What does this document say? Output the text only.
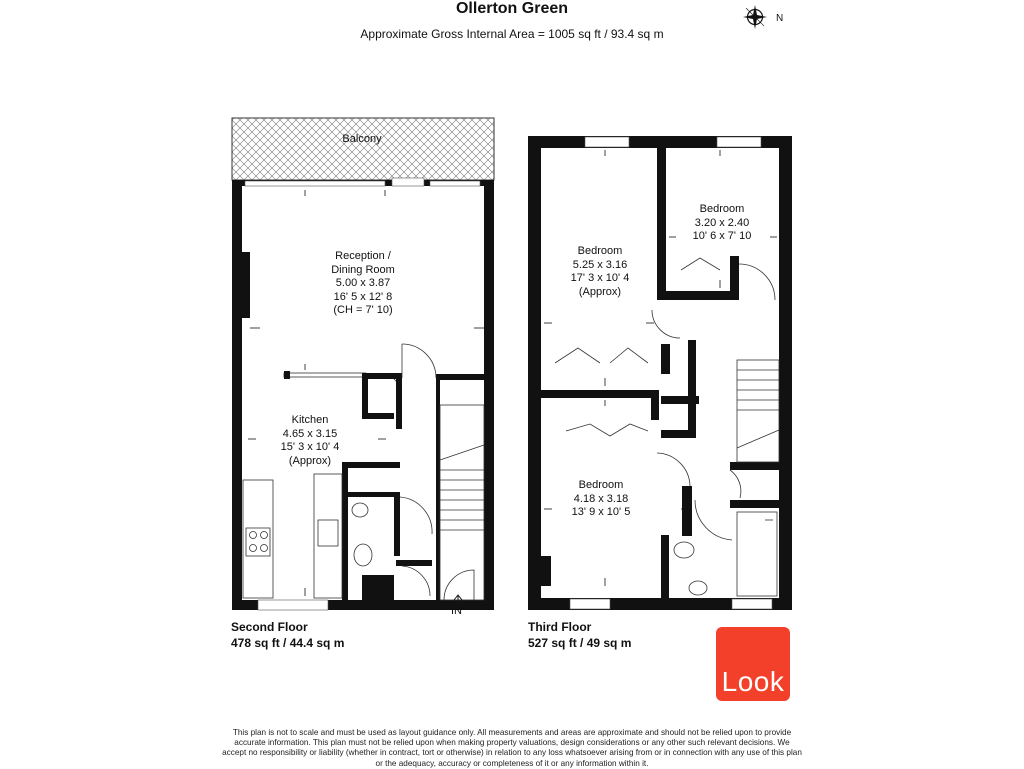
Ollerton Green
Approximate Gross Internal Area = 1005 sq ft / 93.4 sq m
N
Balcony
Reception /
Dining Room
5.00 x 3.87
16' 5 x 12' 8
(CH = 7' 10)
Kitchen
4.65 x 3.15
15' 3 x 10' 4
(Approx)
IN
Bedroom
5.25 x 3.16
17' 3 x 10' 4
(Approx)
Bedroom
3.20 x 2.40
10' 6 x 7' 10
Bedroom
4.18 x 3.18
13' 9 x 10' 5
Second Floor
478 sq ft / 44.4 sq m
Third Floor
527 sq ft / 49 sq m
Look
This plan is not to scale and must be used as layout guidance only. All measurements and areas are approximate and should not be relied upon to provide accurate information. This plan must not be relied upon when making property valuations, design considerations or any other such relevant decisions. We accept no responsibility or liability (whether in contract, tort or otherwise) in relation to any loss whatsoever arising from or in connection with any use of this plan or the adequacy, accuracy or completeness of it or any information within it.
